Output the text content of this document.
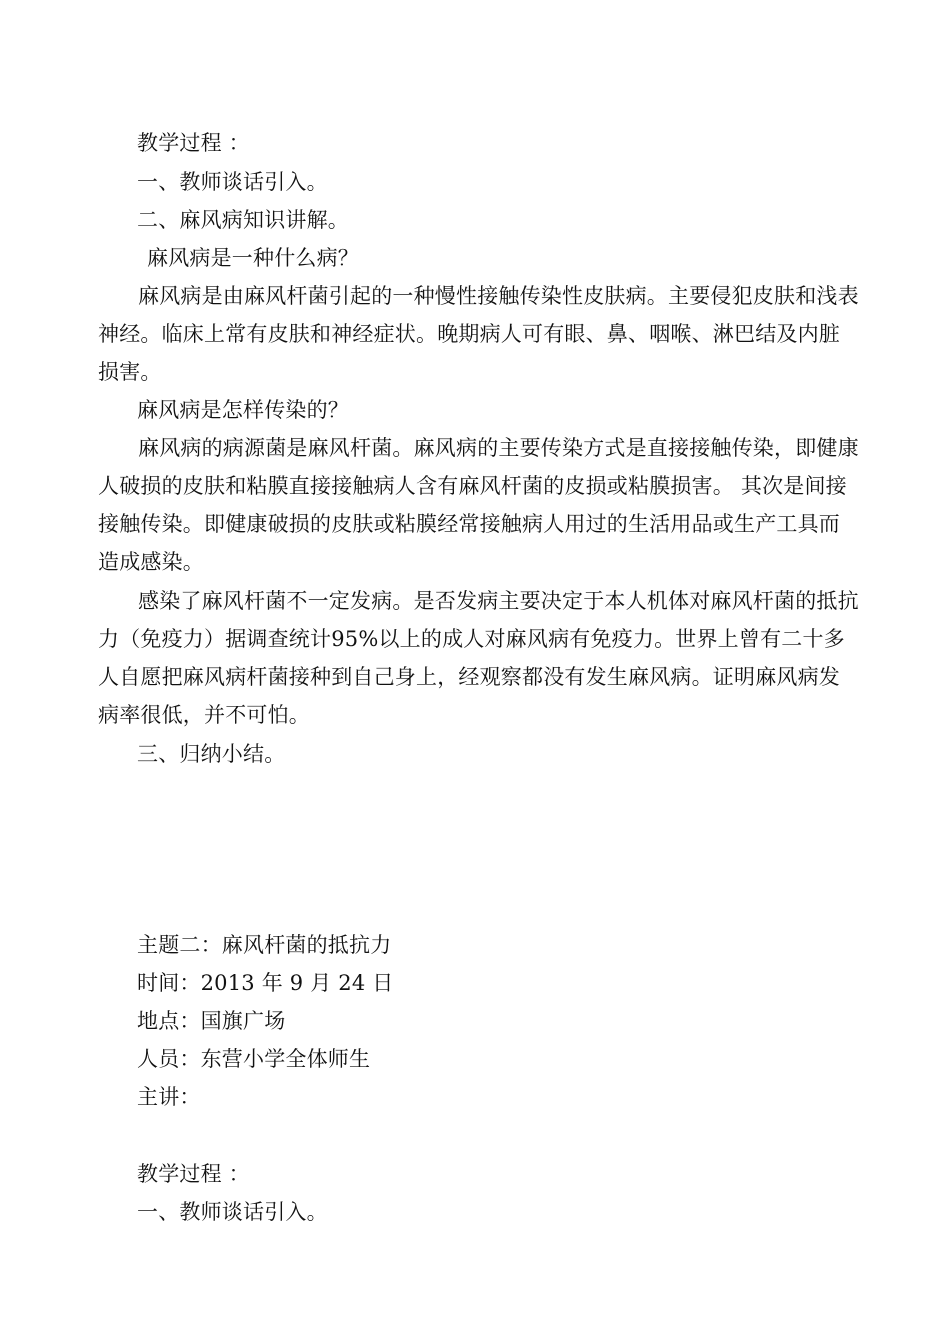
教学过程 ：
一、教师谈话引入。
二、麻风病知识讲解。
麻风病是一种什么病？
麻风病是由麻风杆菌引起的一种慢性接触传染性皮肤病。主要侵犯皮肤和浅表神经。临床上常有皮肤和神经症状。晚期病人可有眼、鼻、咽喉、淋巴结及内脏损害。
麻风病是怎样传染的？
麻风病的病源菌是麻风杆菌。麻风病的主要传染方式是直接接触传染，即健康人破损的皮肤和粘膜直接接触病人含有麻风杆菌的皮损或粘膜损害。 其次是间接接触传染。即健康破损的皮肤或粘膜经常接触病人用过的生活用品或生产工具而造成感染。
感染了麻风杆菌不一定发病。是否发病主要决定于本人机体对麻风杆菌的抵抗力（免疫力）据调查统计95%以上的成人对麻风病有免疫力。世界上曾有二十多人自愿把麻风病杆菌接种到自己身上，经观察都没有发生麻风病。证明麻风病发病率很低，并不可怕。
三、归纳小结。
主题二：麻风杆菌的抵抗力
时间：2013 年 9 月 24 日
地点：国旗广场
人员：东营小学全体师生
主讲：
教学过程 ：
一、教师谈话引入。
